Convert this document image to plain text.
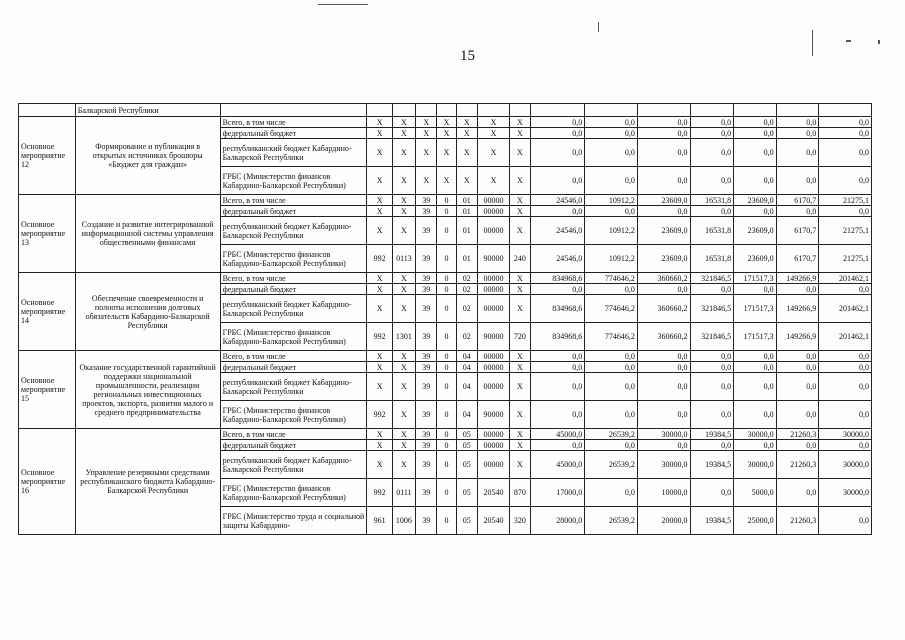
15
	Балкарской Республики															
Основное мероприятие 12	Формирование и публикация в открытых источниках брошюры «Бюджет для граждан»	Всего, в том числе	X	X	X	X	X	X	X	0,0	0,0	0,0	0,0	0,0	0,0	0,0
		федеральный бюджет	X	X	X	X	X	X	X	0,0	0,0	0,0	0,0	0,0	0,0	0,0
		республиканский бюджет Кабардино-Балкарской Республики	X	X	X	X	X	X	X	0,0	0,0	0,0	0,0	0,0	0,0	0,0
		ГРБС (Министерство финансов Кабардино-Балкарской Республики)	X	X	X	X	X	X	X	0,0	0,0	0,0	0,0	0,0	0,0	0,0
Основное мероприятие 13	Создание и развитие интегрированной информационной системы управления общественными финансами	Всего, в том числе	X	X	39	0	01	00000	X	24546,0	10912,2	23609,0	16531,8	23609,0	6170,7	21275,1
		федеральный бюджет	X	X	39	0	01	00000	X	0,0	0,0	0,0	0,0	0,0	0,0	0,0
		республиканский бюджет Кабардино-Балкарской Республики	X	X	39	0	01	00000	X	24546,0	10912,2	23609,0	16531,8	23609,0	6170,7	21275,1
		ГРБС (Министерство финансов Кабардино-Балкарской Республики)	992	0113	39	0	01	90000	240	24546,0	10912,2	23609,0	16531,8	23609,0	6170,7	21275,1
Основное мероприятие 14	Обеспечение своевременности и полноты исполнения долговых обязательств Кабардино-Балкарской Республики	Всего, в том числе	X	X	39	0	02	00000	X	834968,6	774646,2	360660,2	321846,5	171517,3	149266,9	201462,1
		федеральный бюджет	X	X	39	0	02	00000	X	0,0	0,0	0,0	0,0	0,0	0,0	0,0
		республиканский бюджет Кабардино-Балкарской Республики	X	X	39	0	02	00000	X	834968,6	774646,2	360660,2	321846,5	171517,3	149266,9	201462,1
		ГРБС (Министерство финансов Кабардино-Балкарской Республики)	992	1301	39	0	02	90000	720	834968,6	774646,2	360660,2	321846,5	171517,3	149266,9	201462,1
Основное мероприятие 15	Оказание государственной гарантийной поддержки национальной промышленности, реализации региональных инвестиционных проектов, экспорта, развития малого и среднего предпринимательства	Всего, в том числе	X	X	39	0	04	00000	X	0,0	0,0	0,0	0,0	0,0	0,0	0,0
		федеральный бюджет	X	X	39	0	04	00000	X	0,0	0,0	0,0	0,0	0,0	0,0	0,0
		республиканский бюджет Кабардино-Балкарской Республики	X	X	39	0	04	00000	X	0,0	0,0	0,0	0,0	0,0	0,0	0,0
		ГРБС (Министерство финансов Кабардино-Балкарской Республики)	992	X	39	0	04	90000	X	0,0	0,0	0,0	0,0	0,0	0,0	0,0
Основное мероприятие 16	Управление резервными средствами республиканского бюджета Кабардино-Балкарской Республики	Всего, в том числе	X	X	39	0	05	00000	X	45000,0	26539,2	30000,0	19384,5	30000,0	21260,3	30000,0
		федеральный бюджет	X	X	39	0	05	00000	X	0,0	0,0	0,0	0,0	0,0	0,0	0,0
		республиканский бюджет Кабардино-Балкарской Республики	X	X	39	0	05	00000	X	45000,0	26539,2	30000,0	19384,5	30000,0	21260,3	30000,0
		ГРБС (Министерство финансов Кабардино-Балкарской Республики)	992	0111	39	0	05	20540	870	17000,0	0,0	10000,0	0,0	5000,0	0,0	30000,0
		ГРБС (Министерство труда и социальной защиты Кабардино-	961	1006	39	0	05	20540	320	28000,0	26539,2	20000,0	19384,5	25000,0	21260,3	0,0
